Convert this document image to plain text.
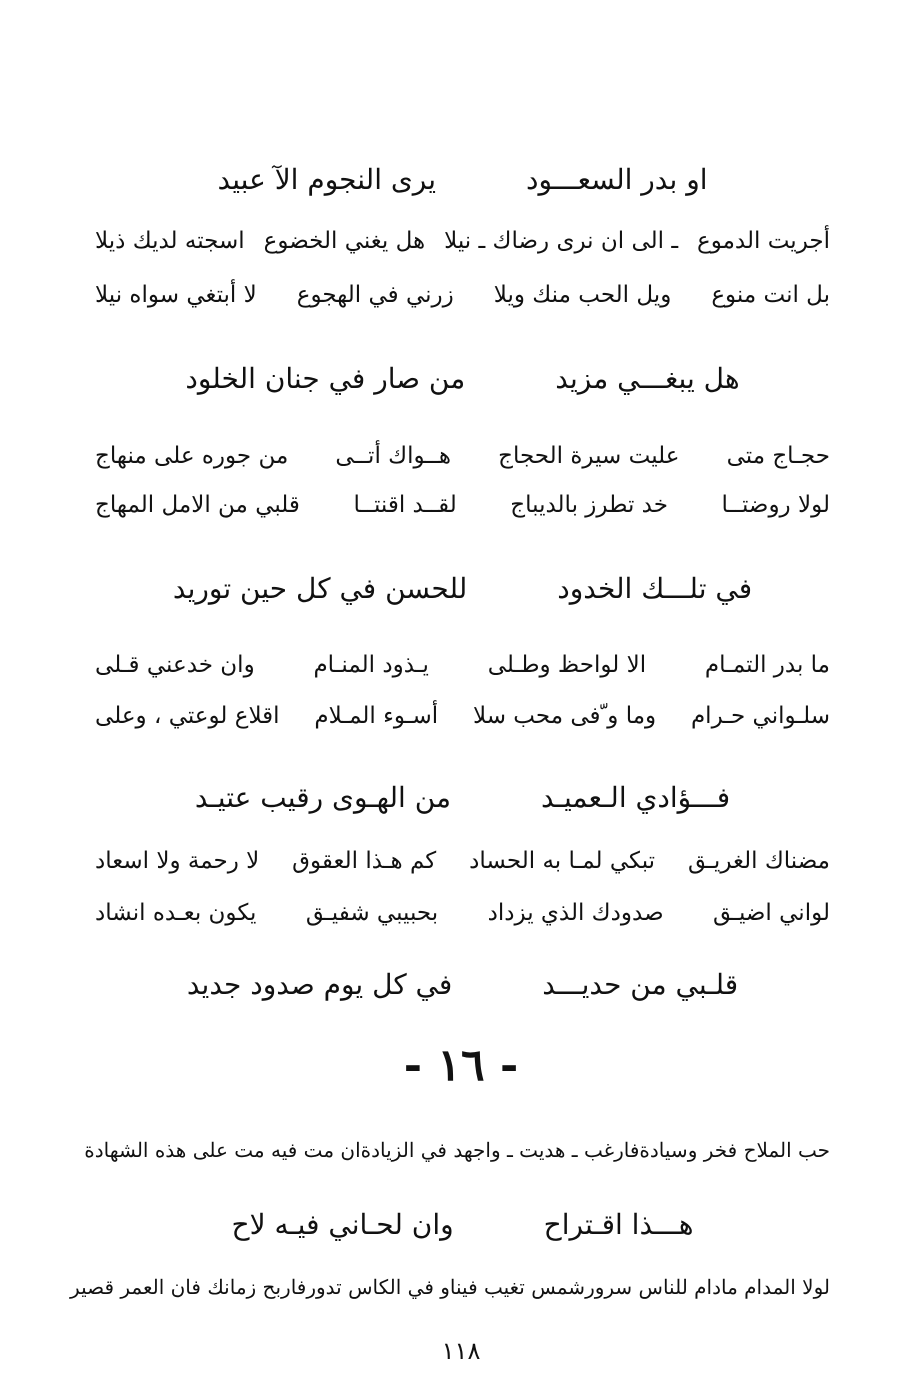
او بدر السعـــود
يرى النجوم الآ عبيد
أجريت الدموع
ـ الى ان نرى رضاك ـ نيلا
هل يغني الخضوع
اسجته لديك ذيلا
بل انت منوع
ويل الحب منك ويلا
زرني في الهجوع
لا أبتغي سواه نيلا
هل يبغـــي مزيد
من صار في جنان الخلود
حجـاج متى
عليت سيرة الحجاج
هــواك أتــى
من جوره على منهاج
لولا روضتــا
خد تطرز بالديباج
لقــد اقنتــا
قلبي من الامل المهاج
في تلـــك الخدود
للحسن في كل حين توريد
ما بدر التمـام
الا لواحظ وطـلى
يـذود المنـام
وان خدعني قـلى
سلـواني حـرام
وما و ّفى محب سلا
أسـوء المـلام
اقلاع لوعتي ، وعلى
فـــؤادي الـعميـد
من الهـوى رقيب عتيـد
مضناك الغريـق
تبكي لمـا به الحساد
كم هـذا العقوق
لا رحمة ولا اسعاد
لواني اضيـق
صدودك الذي يزداد
بحبيبي شفيـق
يكون بعـده انشاد
قلـبي من حديـــد
في كل يوم صدود جديد
- ١٦ -
حب الملاح فخر وسيادة
فارغب ـ هديت ـ واجهد في الزيادة
ان مت فيه مت على هذه الشهادة
هـــذا اقـتراح
وان لحـاني فيـه لاح
لولا المدام مادام للناس سرور
شمس تغيب فيناو في الكاس تدور
فاربح زمانك فان العمر قصير
١١٨
